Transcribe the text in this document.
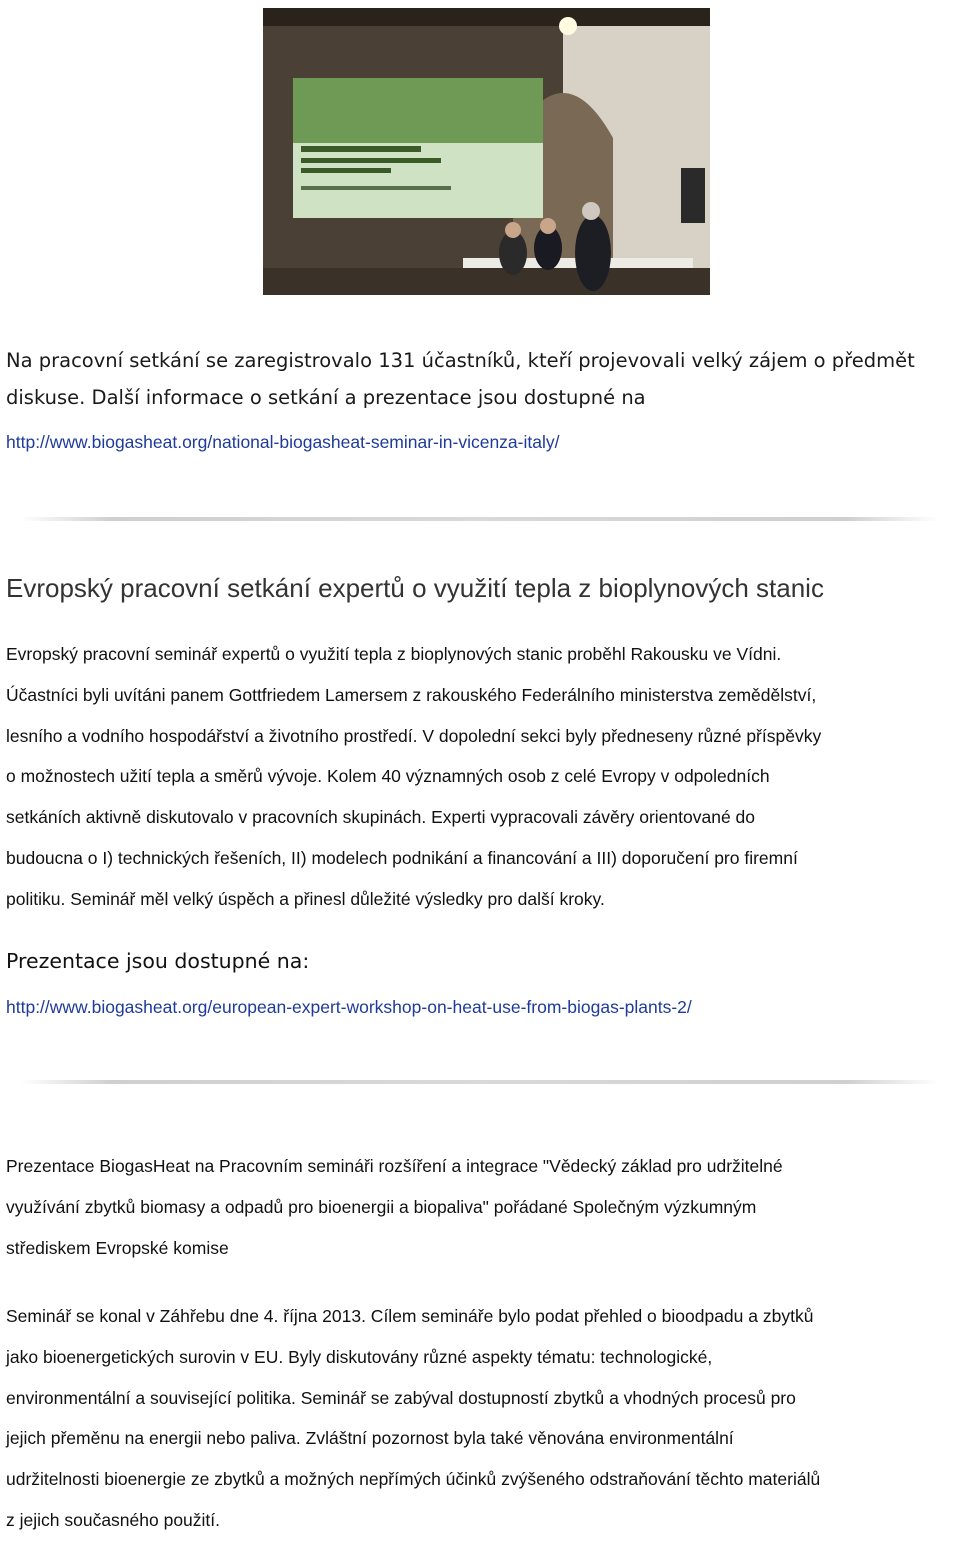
Na pracovní setkání se zaregistrovalo 131 účastníků, kteří projevovali velký zájem o předmět
diskuse. Další informace o setkání a prezentace jsou dostupné na
http://www.biogasheat.org/national-biogasheat-seminar-in-vicenza-italy/
Evropský pracovní setkání expertů o využití tepla z bioplynových stanic
Evropský pracovní seminář expertů o využití tepla z bioplynových stanic proběhl Rakousku ve Vídni.
Účastníci byli uvítáni panem Gottfriedem Lamersem z rakouského Federálního ministerstva zemědělství,
lesního a vodního hospodářství a životního prostředí. V dopolední sekci byly předneseny různé příspěvky
o možnostech užití tepla a směrů vývoje. Kolem 40 významných osob z celé Evropy v odpoledních
setkáních aktivně diskutovalo v pracovních skupinách. Experti vypracovali závěry orientované do
budoucna o I) technických řešeních, II) modelech podnikání a financování a III) doporučení pro firemní
politiku. Seminář měl velký úspěch a přinesl důležité výsledky pro další kroky.
Prezentace jsou dostupné na:
http://www.biogasheat.org/european-expert-workshop-on-heat-use-from-biogas-plants-2/
Prezentace BiogasHeat na Pracovním semináři rozšíření a integrace "Vědecký základ pro udržitelné
využívání zbytků biomasy a odpadů pro bioenergii a biopaliva" pořádané Společným výzkumným
střediskem Evropské komise
Seminář se konal v Záhřebu dne 4. října 2013. Cílem semináře bylo podat přehled o bioodpadu a zbytků
jako bioenergetických surovin v EU. Byly diskutovány různé aspekty tématu: technologické,
environmentální a související politika. Seminář se zabýval dostupností zbytků a vhodných procesů pro
jejich přeměnu na energii nebo paliva. Zvláštní pozornost byla také věnována environmentální
udržitelnosti bioenergie ze zbytků a možných nepřímých účinků zvýšeného odstraňování těchto materiálů
z jejich současného použití.
